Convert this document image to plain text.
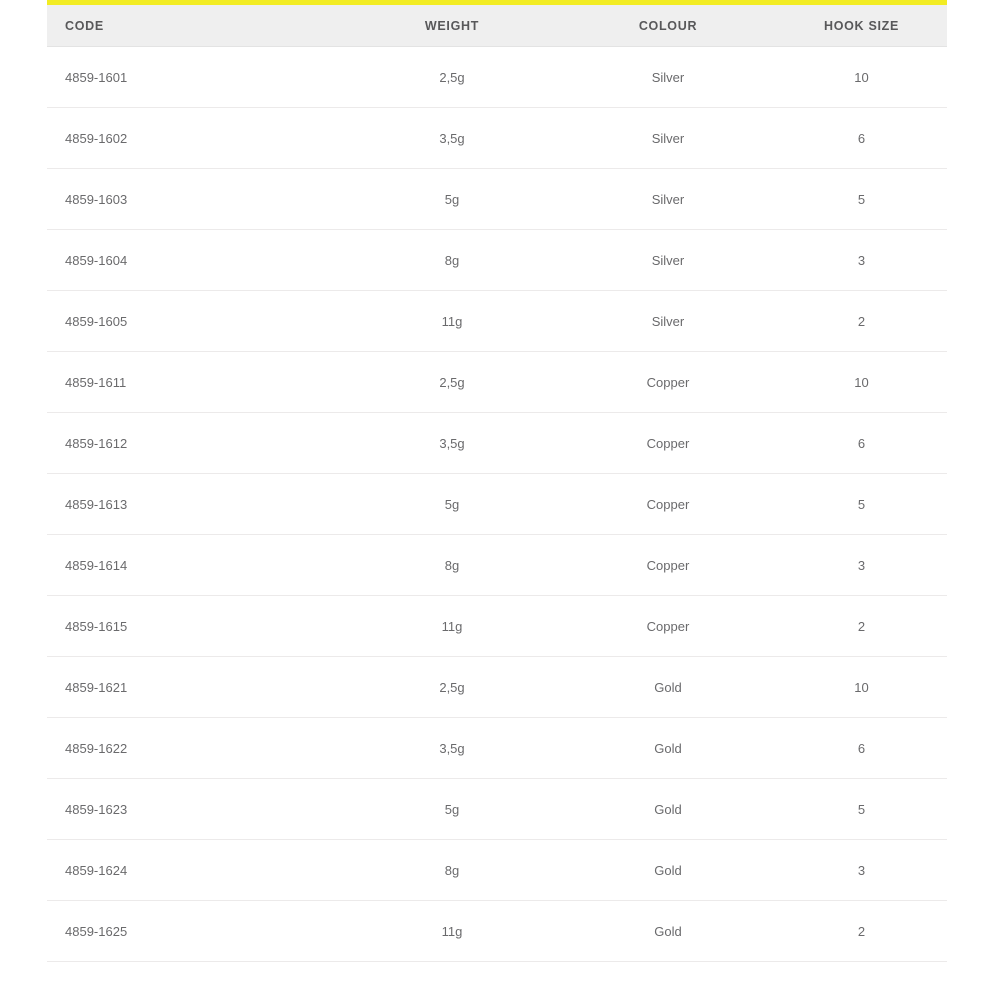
CODE	WEIGHT	COLOUR	HOOK SIZE
4859-1601	2,5g	Silver	10
4859-1602	3,5g	Silver	6
4859-1603	5g	Silver	5
4859-1604	8g	Silver	3
4859-1605	11g	Silver	2
4859-1611	2,5g	Copper	10
4859-1612	3,5g	Copper	6
4859-1613	5g	Copper	5
4859-1614	8g	Copper	3
4859-1615	11g	Copper	2
4859-1621	2,5g	Gold	10
4859-1622	3,5g	Gold	6
4859-1623	5g	Gold	5
4859-1624	8g	Gold	3
4859-1625	11g	Gold	2
